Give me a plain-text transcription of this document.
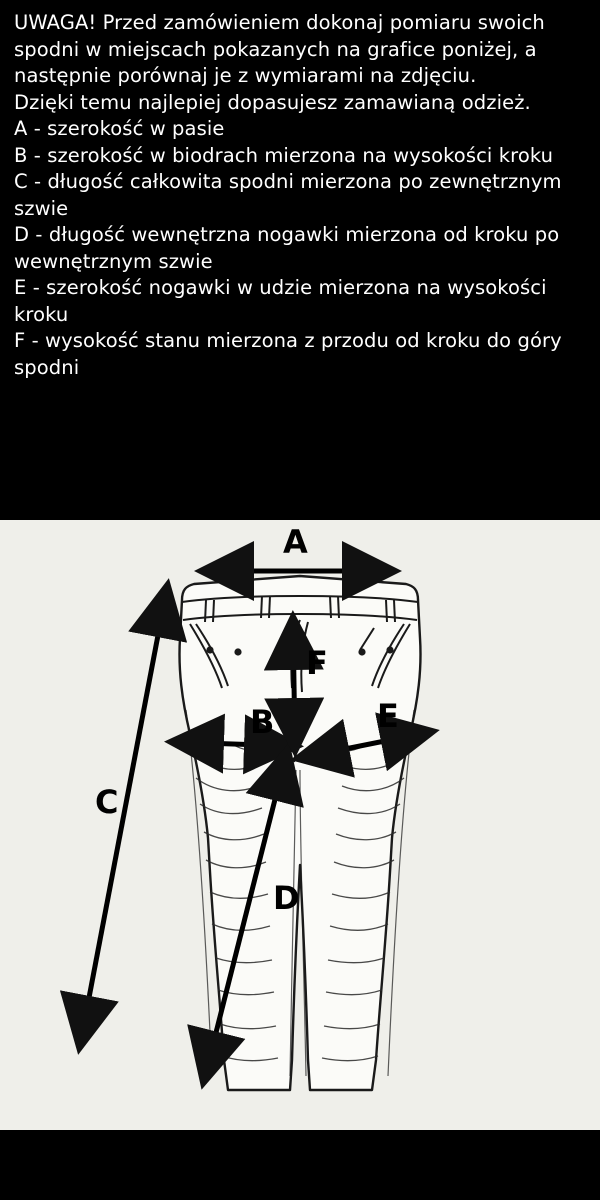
UWAGA! Przed zamówieniem dokonaj pomiaru swoich spodni w miejscach pokazanych na grafice poniżej, a następnie porównaj je z wymiarami na zdjęciu.

Dzięki temu najlepiej dopasujesz zamawianą odzież.

A - szerokość w pasie

B - szerokość w biodrach mierzona na wysokości kroku

C - długość całkowita spodni mierzona po zewnętrznym szwie

D - długość wewnętrzna nogawki mierzona od kroku po wewnętrznym szwie

E - szerokość nogawki w udzie mierzona na wysokości kroku

F - wysokość stanu mierzona z przodu od kroku do góry spodni

A
B
C
D
E
F
